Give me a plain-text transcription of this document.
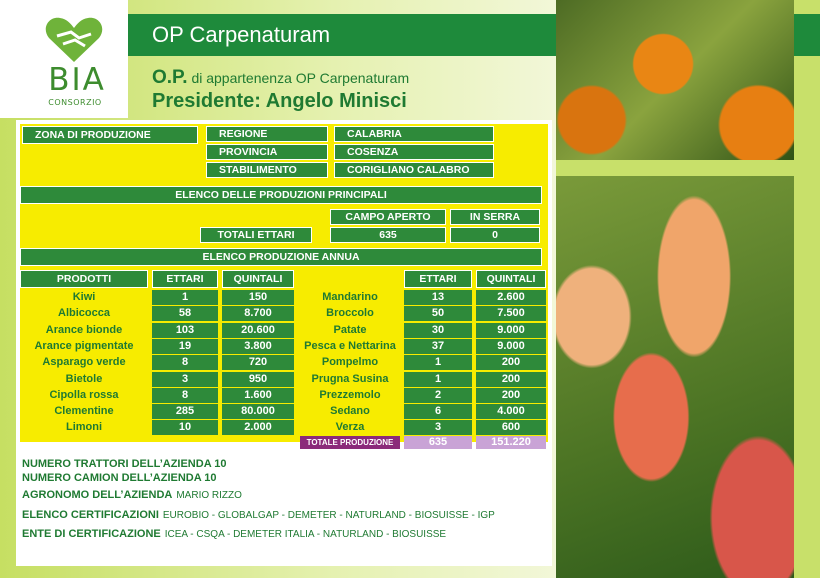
BIA
CONSORZIO
OP Carpenaturam
O.P. di appartenenza OP Carpenaturam
Presidente: Angelo Minisci
ZONA DI PRODUZIONE	REGIONE	CALABRIA
PROVINCIA	COSENZA
STABILIMENTO	CORIGLIANO CALABRO
ELENCO DELLE PRODUZIONI PRINCIPALI
CAMPO APERTO	IN SERRA
TOTALI ETTARI	635	0
ELENCO PRODUZIONE ANNUA
PRODOTTI	ETTARI	QUINTALI	ETTARI	QUINTALI
Kiwi	1	150
Albicocca	58	8.700
Arance bionde	103	20.600
Arance pigmentate	19	3.800
Asparago verde	8	720
Bietole	3	950
Cipolla rossa	8	1.600
Clementine	285	80.000
Limoni	10	2.000
Mandarino	13	2.600
Broccolo	50	7.500
Patate	30	9.000
Pesca e Nettarina	37	9.000
Pompelmo	1	200
Prugna Susina	1	200
Prezzemolo	2	200
Sedano	6	4.000
Verza	3	600
TOTALE PRODUZIONE	635	151.220
NUMERO TRATTORI DELL’AZIENDA 10
NUMERO CAMION DELL’AZIENDA 10
AGRONOMO DELL’AZIENDA MARIO RIZZO
ELENCO CERTIFICAZIONI EUROBIO - GLOBALGAP - DEMETER - NATURLAND - BIOSUISSE - IGP
ENTE DI CERTIFICAZIONE ICEA - CSQA - DEMETER ITALIA - NATURLAND - BIOSUISSE
